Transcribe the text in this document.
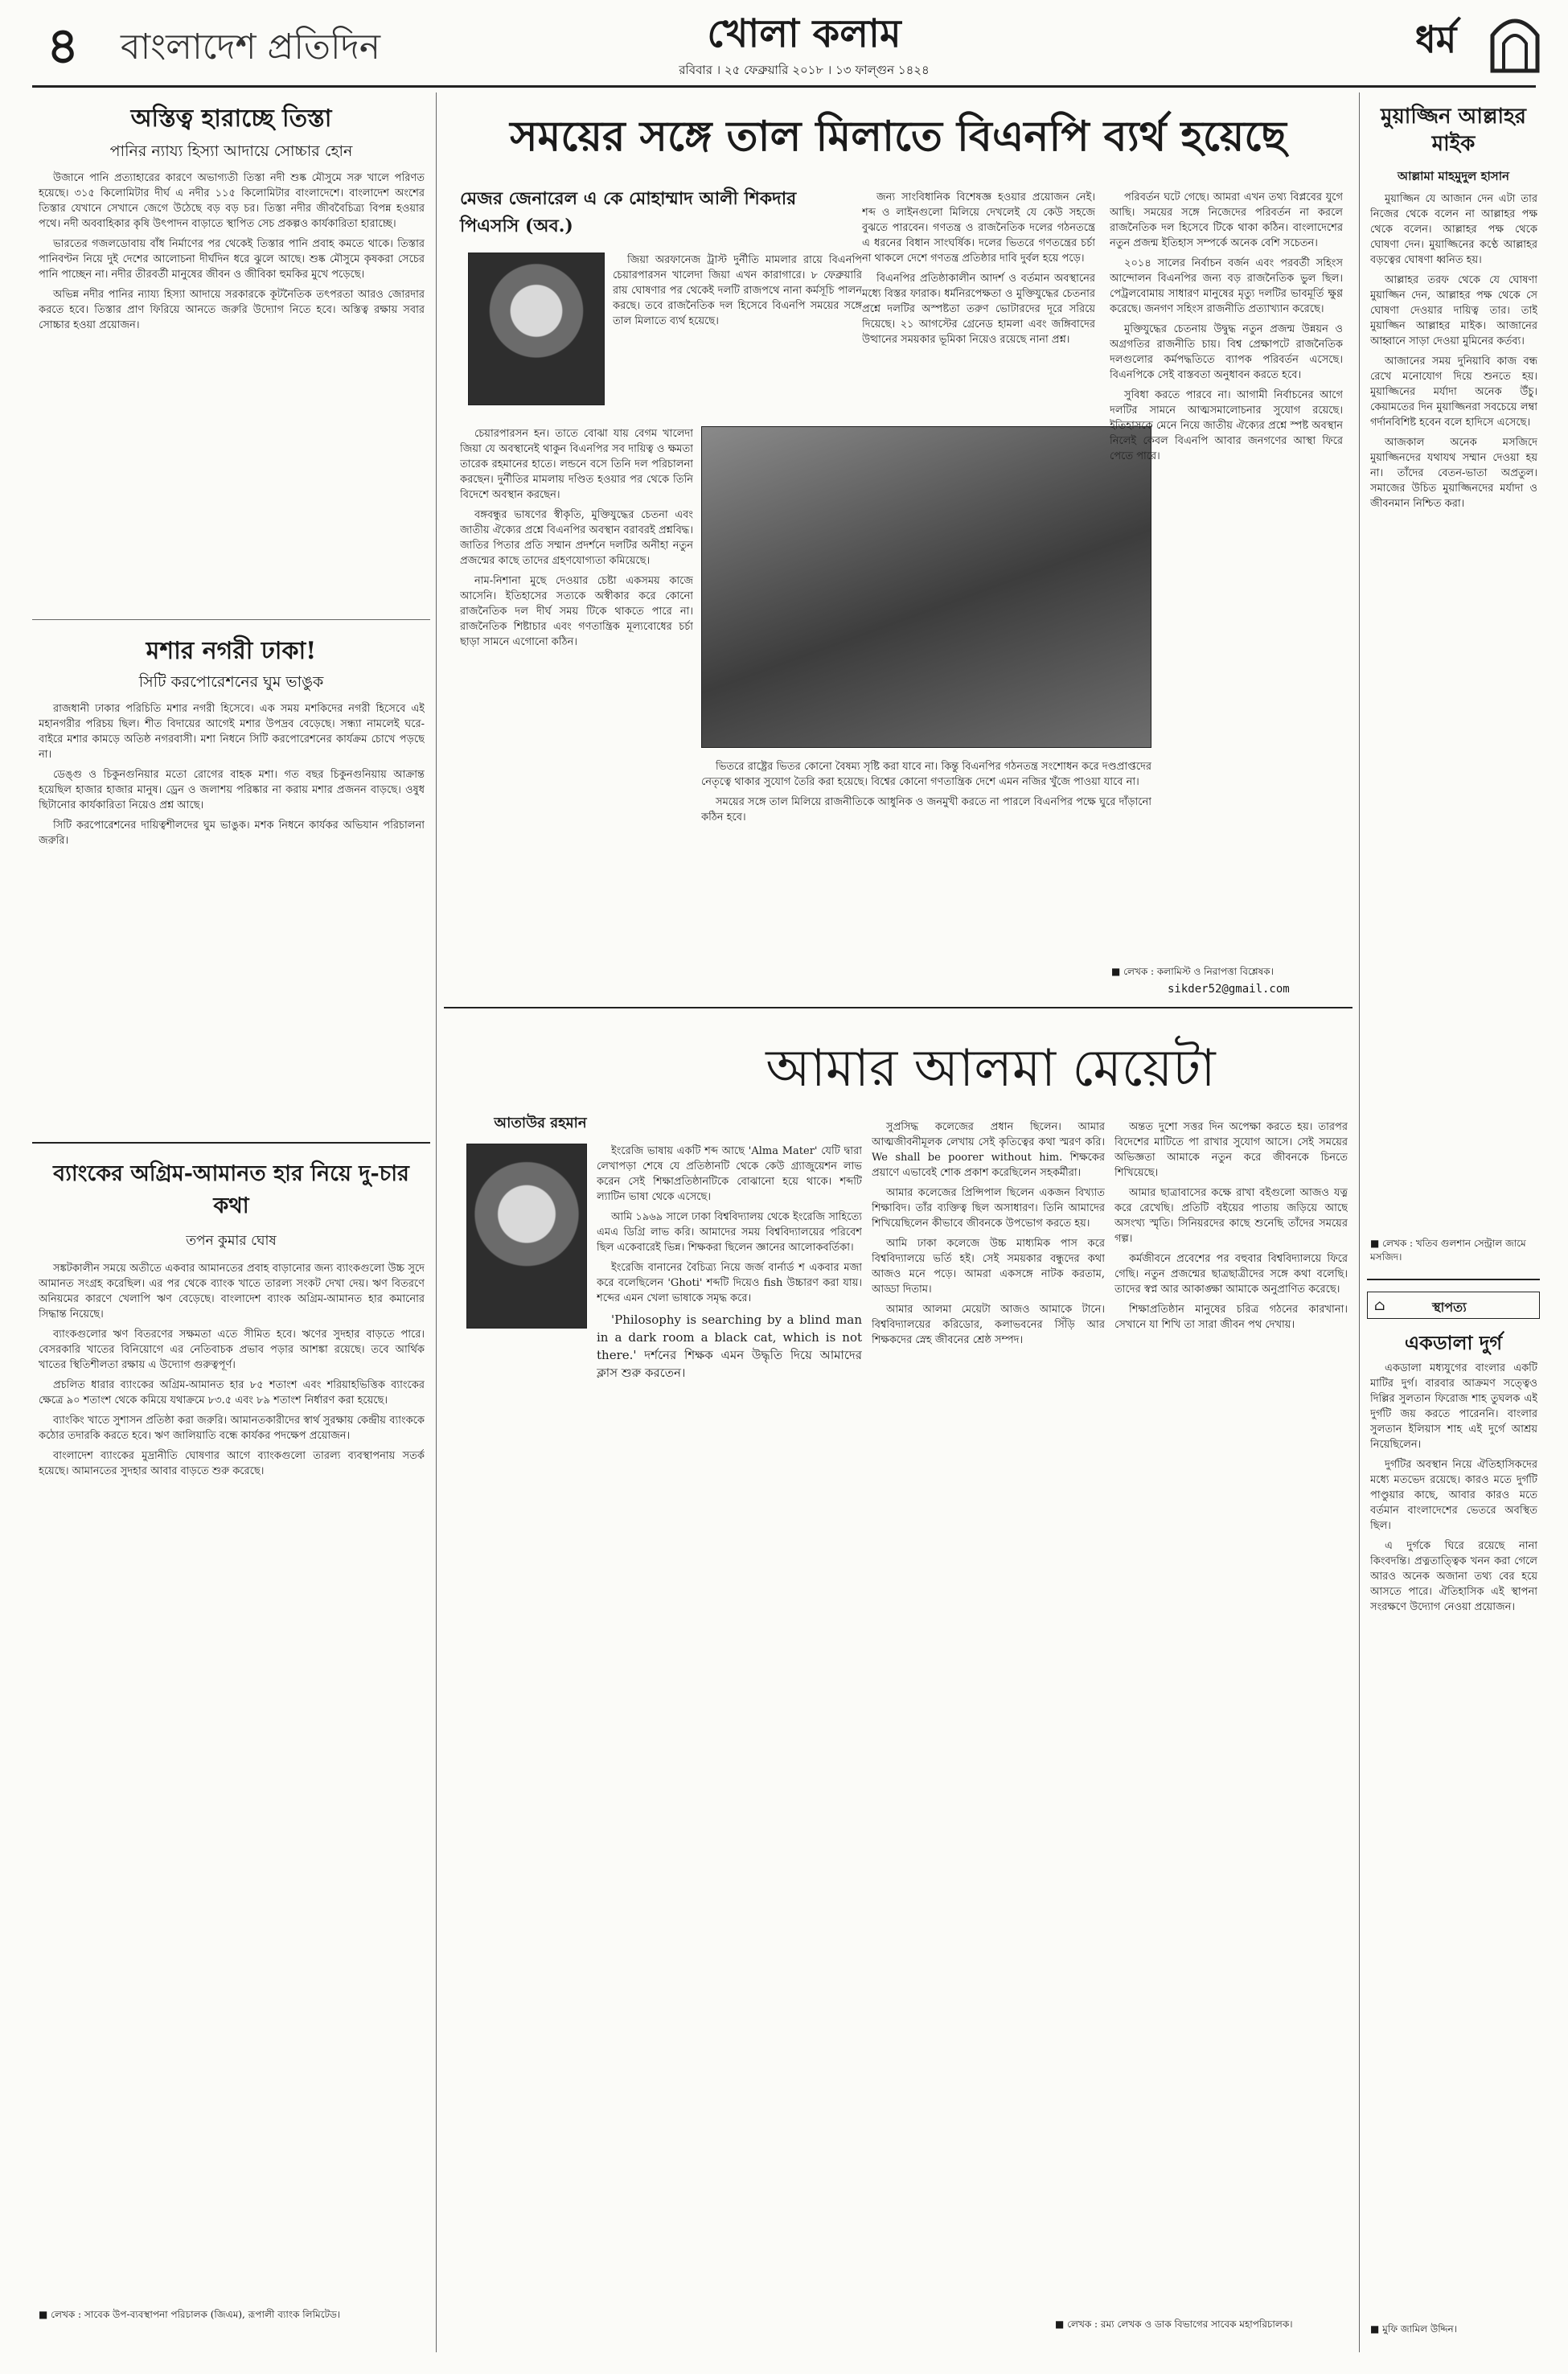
৪ বাংলাদেশ প্রতিদিন	খোলা কলাম
রবিবার । ২৫ ফেব্রুয়ারি ২০১৮ । ১৩ ফাল্গুন ১৪২৪
ধর্ম
অস্তিত্ব হারাচ্ছে তিস্তা
পানির ন্যায্য হিস্যা আদায়ে সোচ্চার হোন

উজানে পানি প্রত্যাহারের কারণে অভাগ্যতী তিস্তা নদী শুষ্ক মৌসুমে সরু খালে পরিণত হয়েছে। ৩১৫ কিলোমিটার দীর্ঘ এ নদীর ১১৫ কিলোমিটার বাংলাদেশে। বাংলাদেশ অংশের তিস্তার যেখানে সেখানে জেগে উঠেছে বড় বড় চর। তিস্তা নদীর জীববৈচিত্র্য বিপন্ন হওয়ার পথে। নদী অববাহিকার কৃষি উৎপাদন বাড়াতে স্থাপিত সেচ প্রকল্পও কার্যকারিতা হারাচ্ছে।

ভারতের গজলডোবায় বাঁধ নির্মাণের পর থেকেই তিস্তার পানি প্রবাহ কমতে থাকে। তিস্তার পানিবণ্টন নিয়ে দুই দেশের আলোচনা দীর্ঘদিন ধরে ঝুলে আছে। শুষ্ক মৌসুমে কৃষকরা সেচের পানি পাচ্ছেন না। নদীর তীরবর্তী মানুষের জীবন ও জীবিকা হুমকির মুখে পড়েছে।

অভিন্ন নদীর পানির ন্যায্য হিস্যা আদায়ে সরকারকে কূটনৈতিক তৎপরতা আরও জোরদার করতে হবে। তিস্তার প্রাণ ফিরিয়ে আনতে জরুরি উদ্যোগ নিতে হবে। অস্তিত্ব রক্ষায় সবার সোচ্চার হওয়া প্রয়োজন।

মশার নগরী ঢাকা!
সিটি করপোরেশনের ঘুম ভাঙুক

রাজধানী ঢাকার পরিচিতি মশার নগরী হিসেবে। এক সময় মশকিদের নগরী হিসেবে এই মহানগরীর পরিচয় ছিল। শীত বিদায়ের আগেই মশার উপদ্রব বেড়েছে। সন্ধ্যা নামলেই ঘরে-বাইরে মশার কামড়ে অতিষ্ঠ নগরবাসী। মশা নিধনে সিটি করপোরেশনের কার্যক্রম চোখে পড়ছে না।

ডেঙ্গু ও চিকুনগুনিয়ার মতো রোগের বাহক মশা। গত বছর চিকুনগুনিয়ায় আক্রান্ত হয়েছিল হাজার হাজার মানুষ। ড্রেন ও জলাশয় পরিষ্কার না করায় মশার প্রজনন বাড়ছে। ওষুধ ছিটানোর কার্যকারিতা নিয়েও প্রশ্ন আছে।

সিটি করপোরেশনের দায়িত্বশীলদের ঘুম ভাঙুক। মশক নিধনে কার্যকর অভিযান পরিচালনা জরুরি।

ব্যাংকের অগ্রিম-আমানত হার নিয়ে দু-চার কথা
তপন কুমার ঘোষ

সঙ্কটকালীন সময়ে অতীতে একবার আমানতের প্রবাহ বাড়ানোর জন্য ব্যাংকগুলো উচ্চ সুদে আমানত সংগ্রহ করেছিল। এর পর থেকে ব্যাংক খাতে তারল্য সংকট দেখা দেয়। ঋণ বিতরণে অনিয়মের কারণে খেলাপি ঋণ বেড়েছে। বাংলাদেশ ব্যাংক অগ্রিম-আমানত হার কমানোর সিদ্ধান্ত নিয়েছে।

ব্যাংকগুলোর ঋণ বিতরণের সক্ষমতা এতে সীমিত হবে। ঋণের সুদহার বাড়তে পারে। বেসরকারি খাতের বিনিয়োগে এর নেতিবাচক প্রভাব পড়ার আশঙ্কা রয়েছে। তবে আর্থিক খাতের স্থিতিশীলতা রক্ষায় এ উদ্যোগ গুরুত্বপূর্ণ।

প্রচলিত ধারার ব্যাংকের অগ্রিম-আমানত হার ৮৫ শতাংশ এবং শরিয়াহভিত্তিক ব্যাংকের ক্ষেত্রে ৯০ শতাংশ থেকে কমিয়ে যথাক্রমে ৮৩.৫ এবং ৮৯ শতাংশ নির্ধারণ করা হয়েছে।

ব্যাংকিং খাতে সুশাসন প্রতিষ্ঠা করা জরুরি। আমানতকারীদের স্বার্থ সুরক্ষায় কেন্দ্রীয় ব্যাংককে কঠোর তদারকি করতে হবে। ঋণ জালিয়াতি বন্ধে কার্যকর পদক্ষেপ প্রয়োজন।

বাংলাদেশ ব্যাংকের মুদ্রানীতি ঘোষণার আগে ব্যাংকগুলো তারল্য ব্যবস্থাপনায় সতর্ক হয়েছে। আমানতের সুদহার আবার বাড়তে শুরু করেছে।

■ লেখক : সাবেক উপ-ব্যবস্থাপনা পরিচালক (জিএম), রূপালী ব্যাংক লিমিটেড।
সময়ের সঙ্গে তাল মিলাতে বিএনপি ব্যর্থ হয়েছে
মেজর জেনারেল এ কে মোহাম্মাদ আলী শিকদার পিএসসি (অব.)

জিয়া অরফানেজ ট্রাস্ট দুর্নীতি মামলার রায়ে বিএনপি চেয়ারপারসন খালেদা জিয়া এখন কারাগারে। ৮ ফেব্রুয়ারি রায় ঘোষণার পর থেকেই দলটি রাজপথে নানা কর্মসূচি পালন করছে। তবে রাজনৈতিক দল হিসেবে বিএনপি সময়ের সঙ্গে তাল মিলাতে ব্যর্থ হয়েছে।

চেয়ারপারসন হন। তাতে বোঝা যায় বেগম খালেদা জিয়া যে অবস্থানেই থাকুন বিএনপির সব দায়িত্ব ও ক্ষমতা তারেক রহমানের হাতে। লন্ডনে বসে তিনি দল পরিচালনা করছেন। দুর্নীতির মামলায় দণ্ডিত হওয়ার পর থেকে তিনি বিদেশে অবস্থান করছেন।

বঙ্গবন্ধুর ভাষণের স্বীকৃতি, মুক্তিযুদ্ধের চেতনা এবং জাতীয় ঐক্যের প্রশ্নে বিএনপির অবস্থান বরাবরই প্রশ্নবিদ্ধ। জাতির পিতার প্রতি সম্মান প্রদর্শনে দলটির অনীহা নতুন প্রজন্মের কাছে তাদের গ্রহণযোগ্যতা কমিয়েছে।

নাম-নিশানা মুছে দেওয়ার চেষ্টা একসময় কাজে আসেনি। ইতিহাসের সত্যকে অস্বীকার করে কোনো রাজনৈতিক দল দীর্ঘ সময় টিকে থাকতে পারে না। রাজনৈতিক শিষ্টাচার এবং গণতান্ত্রিক মূল্যবোধের চর্চা ছাড়া সামনে এগোনো কঠিন।

জন্য সাংবিধানিক বিশেষজ্ঞ হওয়ার প্রয়োজন নেই। শব্দ ও লাইনগুলো মিলিয়ে দেখলেই যে কেউ সহজে বুঝতে পারবেন। গণতন্ত্র ও রাজনৈতিক দলের গঠনতন্ত্রে এ ধরনের বিধান সাংঘর্ষিক। দলের ভিতরে গণতন্ত্রের চর্চা না থাকলে দেশে গণতন্ত্র প্রতিষ্ঠার দাবি দুর্বল হয়ে পড়ে।

বিএনপির প্রতিষ্ঠাকালীন আদর্শ ও বর্তমান অবস্থানের মধ্যে বিস্তর ফারাক। ধর্মনিরপেক্ষতা ও মুক্তিযুদ্ধের চেতনার প্রশ্নে দলটির অস্পষ্টতা তরুণ ভোটারদের দূরে সরিয়ে দিয়েছে। ২১ আগস্টের গ্রেনেড হামলা এবং জঙ্গিবাদের উত্থানের সময়কার ভূমিকা নিয়েও রয়েছে নানা প্রশ্ন।

ভিতরে রাষ্ট্রের ভিতর কোনো বৈষম্য সৃষ্টি করা যাবে না। কিন্তু বিএনপির গঠনতন্ত্র সংশোধন করে দণ্ডপ্রাপ্তদের নেতৃত্বে থাকার সুযোগ তৈরি করা হয়েছে। বিশ্বের কোনো গণতান্ত্রিক দেশে এমন নজির খুঁজে পাওয়া যাবে না।

সময়ের সঙ্গে তাল মিলিয়ে রাজনীতিকে আধুনিক ও জনমুখী করতে না পারলে বিএনপির পক্ষে ঘুরে দাঁড়ানো কঠিন হবে।

পরিবর্তন ঘটে গেছে। আমরা এখন তথ্য বিপ্লবের যুগে আছি। সময়ের সঙ্গে নিজেদের পরিবর্তন না করলে রাজনৈতিক দল হিসেবে টিকে থাকা কঠিন। বাংলাদেশের নতুন প্রজন্ম ইতিহাস সম্পর্কে অনেক বেশি সচেতন।

২০১৪ সালের নির্বাচন বর্জন এবং পরবর্তী সহিংস আন্দোলন বিএনপির জন্য বড় রাজনৈতিক ভুল ছিল। পেট্রলবোমায় সাধারণ মানুষের মৃত্যু দলটির ভাবমূর্তি ক্ষুণ্ণ করেছে। জনগণ সহিংস রাজনীতি প্রত্যাখ্যান করেছে।

মুক্তিযুদ্ধের চেতনায় উদ্বুদ্ধ নতুন প্রজন্ম উন্নয়ন ও অগ্রগতির রাজনীতি চায়। বিশ্ব প্রেক্ষাপটে রাজনৈতিক দলগুলোর কর্মপদ্ধতিতে ব্যাপক পরিবর্তন এসেছে। বিএনপিকে সেই বাস্তবতা অনুধাবন করতে হবে।

সুবিধা করতে পারবে না। আগামী নির্বাচনের আগে দলটির সামনে আত্মসমালোচনার সুযোগ রয়েছে। ইতিহাসকে মেনে নিয়ে জাতীয় ঐক্যের প্রশ্নে স্পষ্ট অবস্থান নিলেই কেবল বিএনপি আবার জনগণের আস্থা ফিরে পেতে পারে।

■ লেখক : কলামিস্ট ও নিরাপত্তা বিশ্লেষক।
sikder52@gmail.com
আমার আলমা মেয়েটা
আতাউর রহমান

ইংরেজি ভাষায় একটি শব্দ আছে 'Alma Mater' যেটি দ্বারা লেখাপড়া শেষে যে প্রতিষ্ঠানটি থেকে কেউ গ্র্যাজুয়েশন লাভ করেন সেই শিক্ষাপ্রতিষ্ঠানটিকে বোঝানো হয়ে থাকে। শব্দটি ল্যাটিন ভাষা থেকে এসেছে।

আমি ১৯৬৯ সালে ঢাকা বিশ্ববিদ্যালয় থেকে ইংরেজি সাহিত্যে এমএ ডিগ্রি লাভ করি। আমাদের সময় বিশ্ববিদ্যালয়ের পরিবেশ ছিল একেবারেই ভিন্ন। শিক্ষকরা ছিলেন জ্ঞানের আলোকবর্তিকা।

ইংরেজি বানানের বৈচিত্র্য নিয়ে জর্জ বার্নার্ড শ একবার মজা করে বলেছিলেন 'Ghoti' শব্দটি দিয়েও fish উচ্চারণ করা যায়। শব্দের এমন খেলা ভাষাকে সমৃদ্ধ করে।

'Philosophy is searching by a blind man in a dark room a black cat, which is not there.' দর্শনের শিক্ষক এমন উদ্ধৃতি দিয়ে আমাদের ক্লাস শুরু করতেন।

সুপ্রসিদ্ধ কলেজের প্রধান ছিলেন। আমার আত্মজীবনীমূলক লেখায় সেই কৃতিত্বের কথা স্মরণ করি। We shall be poorer without him. শিক্ষকের প্রয়াণে এভাবেই শোক প্রকাশ করেছিলেন সহকর্মীরা।

আমার কলেজের প্রিন্সিপাল ছিলেন একজন বিখ্যাত শিক্ষাবিদ। তাঁর ব্যক্তিত্ব ছিল অসাধারণ। তিনি আমাদের শিখিয়েছিলেন কীভাবে জীবনকে উপভোগ করতে হয়।

আমি ঢাকা কলেজে উচ্চ মাধ্যমিক পাস করে বিশ্ববিদ্যালয়ে ভর্তি হই। সেই সময়কার বন্ধুদের কথা আজও মনে পড়ে। আমরা একসঙ্গে নাটক করতাম, আড্ডা দিতাম।

আমার আলমা মেয়েটা আজও আমাকে টানে। বিশ্ববিদ্যালয়ের করিডোর, কলাভবনের সিঁড়ি আর শিক্ষকদের স্নেহ জীবনের শ্রেষ্ঠ সম্পদ।

অন্তত দুশো সত্তর দিন অপেক্ষা করতে হয়। তারপর বিদেশের মাটিতে পা রাখার সুযোগ আসে। সেই সময়ের অভিজ্ঞতা আমাকে নতুন করে জীবনকে চিনতে শিখিয়েছে।

আমার ছাত্রাবাসের কক্ষে রাখা বইগুলো আজও যত্ন করে রেখেছি। প্রতিটি বইয়ের পাতায় জড়িয়ে আছে অসংখ্য স্মৃতি। সিনিয়রদের কাছে শুনেছি তাঁদের সময়ের গল্প।

কর্মজীবনে প্রবেশের পর বহুবার বিশ্ববিদ্যালয়ে ফিরে গেছি। নতুন প্রজন্মের ছাত্রছাত্রীদের সঙ্গে কথা বলেছি। তাদের স্বপ্ন আর আকাঙ্ক্ষা আমাকে অনুপ্রাণিত করেছে।

শিক্ষাপ্রতিষ্ঠান মানুষের চরিত্র গঠনের কারখানা। সেখানে যা শিখি তা সারা জীবন পথ দেখায়।

■ লেখক : রম্য লেখক ও ডাক বিভাগের সাবেক মহাপরিচালক।
মুয়াজ্জিন আল্লাহর মাইক
আল্লামা মাহমুদুল হাসান

মুয়াজ্জিন যে আজান দেন এটা তার নিজের থেকে বলেন না আল্লাহর পক্ষ থেকে বলেন। আল্লাহর পক্ষ থেকে ঘোষণা দেন। মুয়াজ্জিনের কণ্ঠে আল্লাহর বড়ত্বের ঘোষণা ধ্বনিত হয়।

আল্লাহর তরফ থেকে যে ঘোষণা মুয়াজ্জিন দেন, আল্লাহর পক্ষ থেকে সে ঘোষণা দেওয়ার দায়িত্ব তার। তাই মুয়াজ্জিন আল্লাহর মাইক। আজানের আহ্বানে সাড়া দেওয়া মুমিনের কর্তব্য।

আজানের সময় দুনিয়াবি কাজ বন্ধ রেখে মনোযোগ দিয়ে শুনতে হয়। মুয়াজ্জিনের মর্যাদা অনেক উঁচু। কেয়ামতের দিন মুয়াজ্জিনরা সবচেয়ে লম্বা গর্দানবিশিষ্ট হবেন বলে হাদিসে এসেছে।

আজকাল অনেক মসজিদে মুয়াজ্জিনদের যথাযথ সম্মান দেওয়া হয় না। তাঁদের বেতন-ভাতা অপ্রতুল। সমাজের উচিত মুয়াজ্জিনদের মর্যাদা ও জীবনমান নিশ্চিত করা।

■ লেখক : খতিব গুলশান সেন্ট্রাল জামে মসজিদ।
⌂	স্থাপত্য
একডালা দুর্গ

একডালা মধ্যযুগের বাংলার একটি মাটির দুর্গ। বারবার আক্রমণ সত্ত্বেও দিল্লির সুলতান ফিরোজ শাহ তুঘলক এই দুর্গটি জয় করতে পারেননি। বাংলার সুলতান ইলিয়াস শাহ এই দুর্গে আশ্রয় নিয়েছিলেন।

দুর্গটির অবস্থান নিয়ে ঐতিহাসিকদের মধ্যে মতভেদ রয়েছে। কারও মতে দুর্গটি পাণ্ডুয়ার কাছে, আবার কারও মতে বর্তমান বাংলাদেশের ভেতরে অবস্থিত ছিল।

এ দুর্গকে ঘিরে রয়েছে নানা কিংবদন্তি। প্রত্নতাত্ত্বিক খনন করা গেলে আরও অনেক অজানা তথ্য বের হয়ে আসতে পারে। ঐতিহাসিক এই স্থাপনা সংরক্ষণে উদ্যোগ নেওয়া প্রয়োজন।

■ মুফি জামিল উদ্দিন।
